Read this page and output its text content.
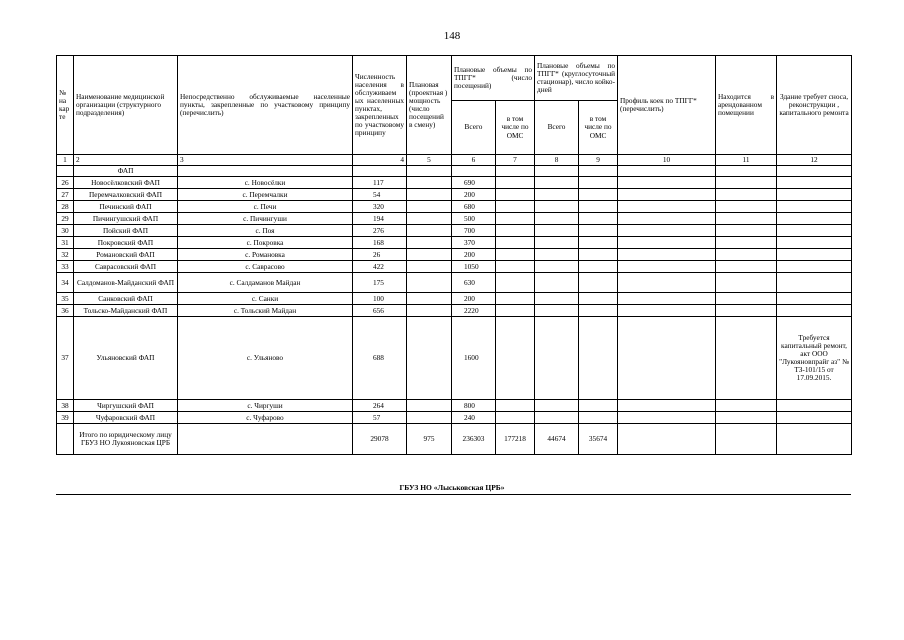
148
№ на кар те	Наименование медицинской организации (структурного подразделения)	Непосредственно обслуживаемые населенные пункты, закрепленные по участковому принципу (перечислить)	Численность населения в обслуживаем ых населенных пунктах, закрепленных по участковому принципу	Плановая (проектная ) мощность (число посещений в смену)	Плановые объемы по ТПГГ* (число посещений)		Плановые объемы по ТПГГ* (круглосуточный стационар), число койко-дней		Профиль коек по ТПГГ* (перечислить)	Находится в арендованном помещении	Здание требует сноса, реконструкции , капитального ремонта
					Всего	в том числе по ОМС	Всего	в том числе по ОМС			
1	2	3	4	5	6	7	8	9	10	11	12
	ФАП										
26	Новосёлковский ФАП	с. Новосёлки	117		690						
27	Перемчалковский ФАП	с. Перемчалки	54		200						
28	Печинский ФАП	с. Печи	320		680						
29	Пичингушский ФАП	с. Пичингуши	194		500						
30	Пойский ФАП	с. Поя	276		700						
31	Покровский ФАП	с. Покровка	168		370						
32	Романовский ФАП	с. Романовка	26		200						
33	Саврасовский ФАП	с. Саврасово	422		1050						
34	Салдоманов-Майданский ФАП	с. Салдаманов Майдан	175		630						
35	Санковский ФАП	с. Санки	100		200						
36	Тольско-Майданский ФАП	с. Тольский Майдан	656		2220						
37	Ульяновский ФАП	с. Ульяново	688		1600						Требуется капитальный ремонт, акт ООО "Лукояновпрайг аз" № ТЗ-101/15 от 17.09.2015.
38	Чиргушский ФАП	с. Чиргуши	264		800						
39	Чуфаровский ФАП	с. Чуфарово	57		240						
	Итого по юридическому лицу ГБУЗ НО Лукояновская ЦРБ		29078	975	236303	177218	44674	35674			
ГБУЗ НО «Лыськовская ЦРБ»
